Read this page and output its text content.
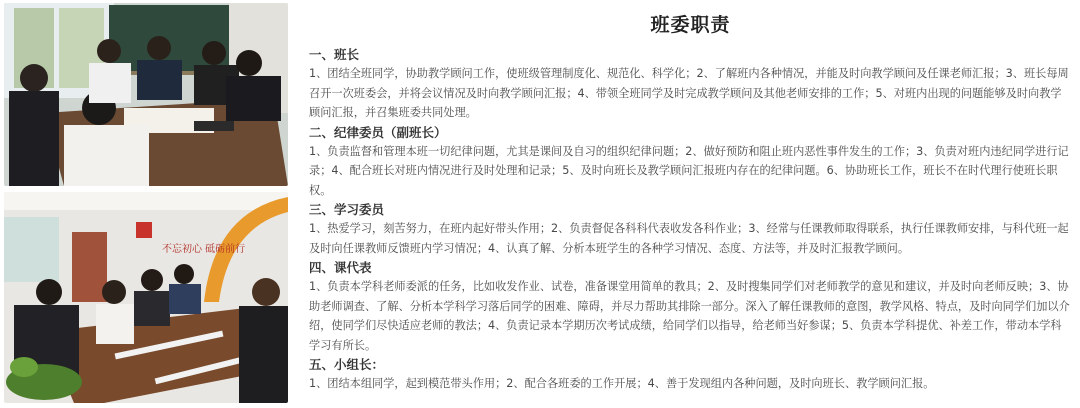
不忘初心 砥砺前行
班委职责
一、班长
1、团结全班同学，协助教学顾问工作，使班级管理制度化、规范化、科学化；2、了解班内各种情况，并能及时向教学顾问及任课老师汇报；3、班长每周召开一次班委会，并将会议情况及时向教学顾问汇报；4、带领全班同学及时完成教学顾问及其他老师安排的工作；5、对班内出现的问题能够及时向教学顾问汇报，并召集班委共同处理。
二、纪律委员（副班长）
1、负责监督和管理本班一切纪律问题，尤其是课间及自习的组织纪律问题；2、做好预防和阻止班内恶性事件发生的工作；3、负责对班内违纪同学进行记录；4、配合班长对班内情况进行及时处理和记录；5、及时向班长及教学顾问汇报班内存在的纪律问题。6、协助班长工作，班长不在时代理行使班长职权。
三、学习委员
1、热爱学习，刻苦努力，在班内起好带头作用；2、负责督促各科科代表收发各科作业；3、经常与任课教师取得联系，执行任课教师安排，与科代班一起及时向任课教师反馈班内学习情况；4、认真了解、分析本班学生的各种学习情况、态度、方法等，并及时汇报教学顾问。
四、课代表
1、负责本学科老师委派的任务，比如收发作业、试卷，准备课堂用简单的教具；2、及时搜集同学们对老师教学的意见和建议，并及时向老师反映；3、协助老师调查、了解、分析本学科学习落后同学的困难、障碍，并尽力帮助其排除一部分。深入了解任课教师的意图，教学风格、特点，及时向同学们加以介绍，使同学们尽快适应老师的教法；4、负责记录本学期历次考试成绩，给同学们以指导，给老师当好参谋；5、负责本学科提优、补差工作，带动本学科学习有所长。
五、小组长：
1、团结本组同学，起到模范带头作用；2、配合各班委的工作开展；4、善于发现组内各种问题，及时向班长、教学顾问汇报。
